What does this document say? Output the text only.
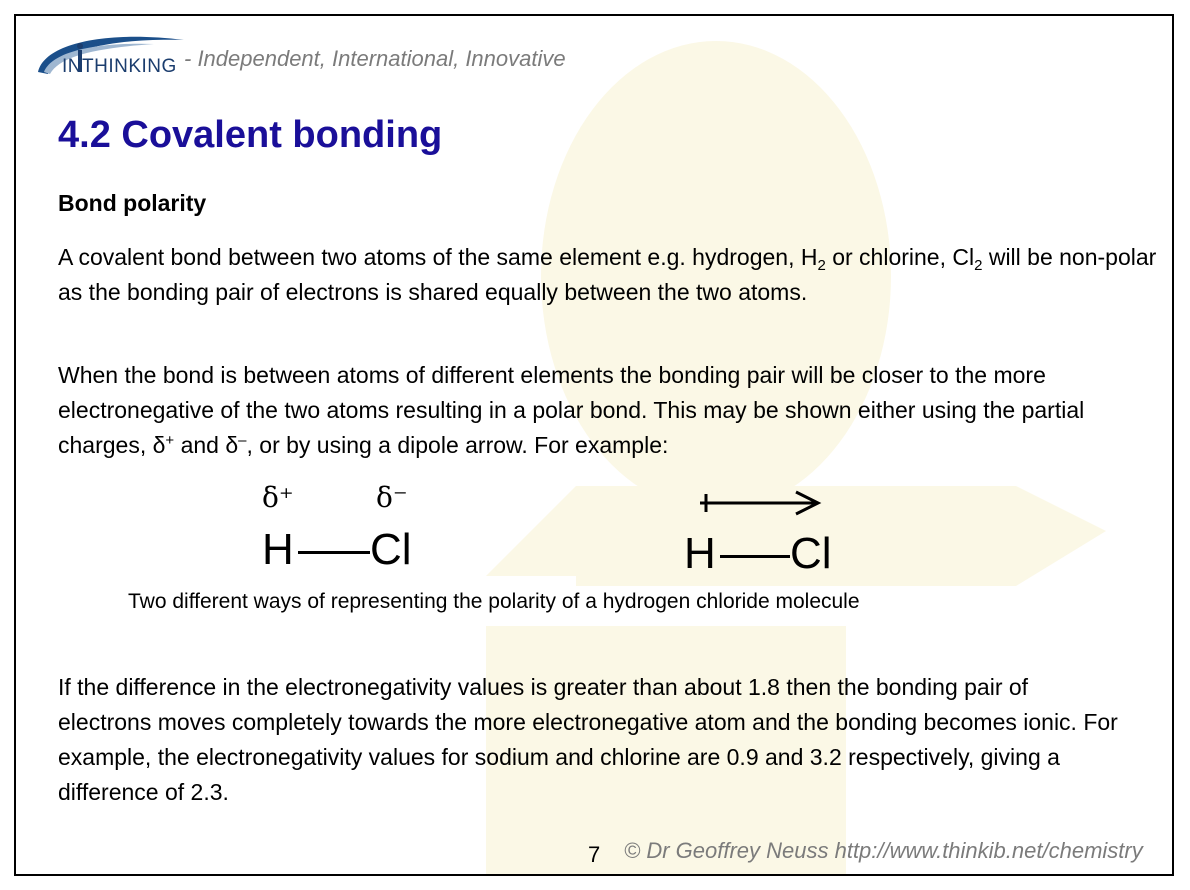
INTHINKING - Independent, International, Innovative
4.2 Covalent bonding
Bond polarity

A covalent bond between two atoms of the same element e.g. hydrogen, $H_2$ or chlorine, $Cl_2$ will be non-polar as the bonding pair of electrons is shared equally between the two atoms.

When the bond is between atoms of different elements the bonding pair will be closer to the more electronegative of the two atoms resulting in a polar bond. This may be shown either using the partial charges, δ+ and δ–, or by using a dipole arrow. For example:

δ⁺	δ⁻
H Cl	H Cl

Two different ways of representing the polarity of a hydrogen chloride molecule

If the difference in the electronegativity values is greater than about 1.8 then the bonding pair of electrons moves completely towards the more electronegative atom and the bonding becomes ionic. For example, the electronegativity values for sodium and chlorine are 0.9 and 3.2 respectively, giving a difference of 2.3.

7 © Dr Geoffrey Neuss http://www.thinkib.net/chemistry
